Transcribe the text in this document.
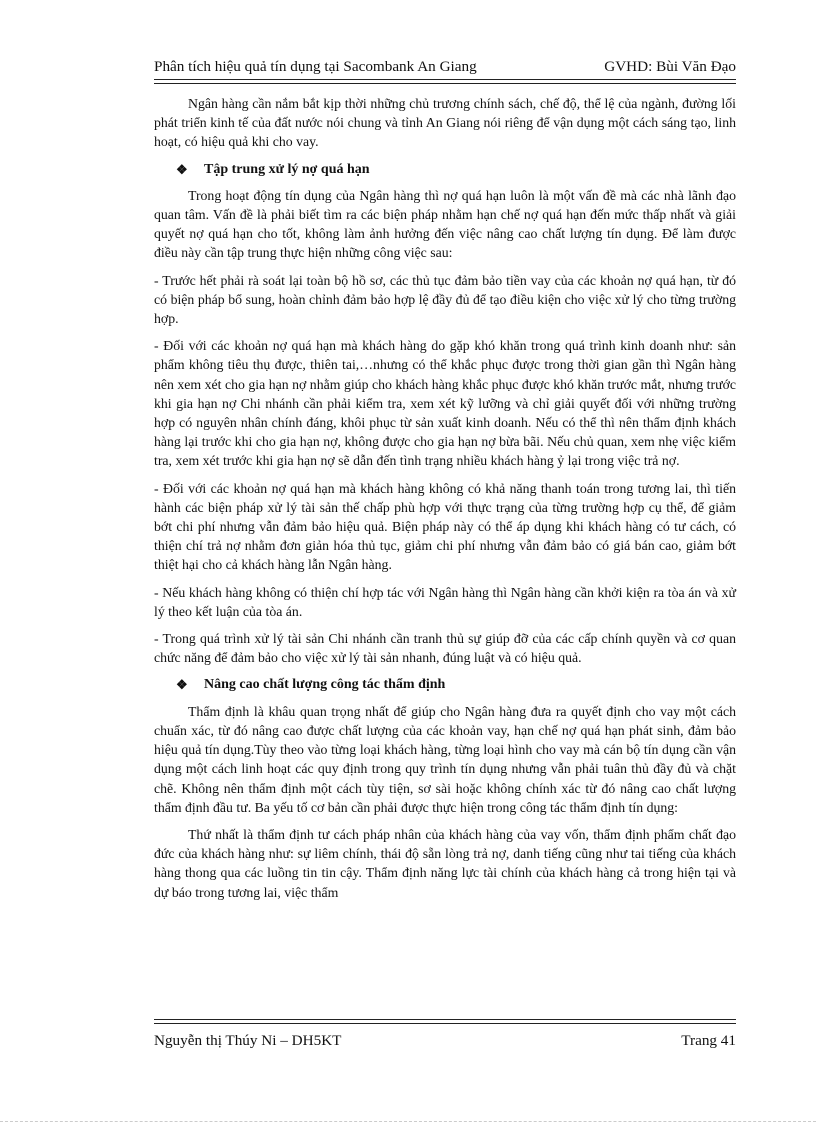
Phân tích hiệu quả tín dụng tại Sacombank An Giang	GVHD: Bùi Văn Đạo

Ngân hàng cần nắm bắt kịp thời những chủ trương chính sách, chế độ, thể lệ của ngành, đường lối phát triển kinh tế của đất nước nói chung và tỉnh An Giang nói riêng để vận dụng một cách sáng tạo, linh hoạt, có hiệu quả khi cho vay.

❖	Tập trung xử lý nợ quá hạn

Trong hoạt động tín dụng của Ngân hàng thì nợ quá hạn luôn là một vấn đề mà các nhà lãnh đạo quan tâm. Vấn đề là phải biết tìm ra các biện pháp nhằm hạn chế nợ quá hạn đến mức thấp nhất và giải quyết nợ quá hạn cho tốt, không làm ảnh hưởng đến việc nâng cao chất lượng tín dụng. Để làm được điều này cần tập trung thực hiện những công việc sau:

- Trước hết phải rà soát lại toàn bộ hồ sơ, các thủ tục đảm bảo tiền vay của các khoản nợ quá hạn, từ đó có biện pháp bổ sung, hoàn chỉnh đảm bảo hợp lệ đầy đủ để tạo điều kiện cho việc xử lý cho từng trường hợp.

- Đối với các khoản nợ quá hạn mà khách hàng do gặp khó khăn trong quá trình kinh doanh như: sản phẩm không tiêu thụ được, thiên tai,…nhưng có thể khắc phục được trong thời gian gần thì Ngân hàng nên xem xét cho gia hạn nợ nhằm giúp cho khách hàng khắc phục được khó khăn trước mắt, nhưng trước khi gia hạn nợ Chi nhánh cần phải kiểm tra, xem xét kỹ lưỡng và chỉ giải quyết đối với những trường hợp có nguyên nhân chính đáng, khôi phục từ sản xuất kinh doanh. Nếu có thể thì nên thẩm định khách hàng lại trước khi cho gia hạn nợ, không được cho gia hạn nợ bừa bãi. Nếu chủ quan, xem nhẹ việc kiểm tra, xem xét trước khi gia hạn nợ sẽ dẫn đến tình trạng nhiều khách hàng ỷ lại trong việc trả nợ.

- Đối với các khoản nợ quá hạn mà khách hàng không có khả năng thanh toán trong tương lai, thì tiến hành các biện pháp xử lý tài sản thế chấp phù hợp với thực trạng của từng trường hợp cụ thể, để giảm bớt chi phí nhưng vẫn đảm bảo hiệu quả. Biện pháp này có thể áp dụng khi khách hàng có tư cách, có thiện chí trả nợ nhằm đơn giản hóa thủ tục, giảm chi phí nhưng vẫn đảm bảo có giá bán cao, giảm bớt thiệt hại cho cả khách hàng lẫn Ngân hàng.

- Nếu khách hàng không có thiện chí hợp tác với Ngân hàng thì Ngân hàng cần khởi kiện ra tòa án và xử lý theo kết luận của tòa án.

- Trong quá trình xử lý tài sản Chi nhánh cần tranh thủ sự giúp đỡ của các cấp chính quyền và cơ quan chức năng để đảm bảo cho việc xử lý tài sản nhanh, đúng luật và có hiệu quả.

❖	Nâng cao chất lượng công tác thẩm định

Thẩm định là khâu quan trọng nhất để giúp cho Ngân hàng đưa ra quyết định cho vay một cách chuẩn xác, từ đó nâng cao được chất lượng của các khoản vay, hạn chế nợ quá hạn phát sinh, đảm bảo hiệu quả tín dụng.Tùy theo vào từng loại khách hàng, từng loại hình cho vay mà cán bộ tín dụng cần vận dụng một cách linh hoạt các quy định trong quy trình tín dụng nhưng vẫn phải tuân thủ đầy đủ và chặt chẽ. Không nên thẩm định một cách tùy tiện, sơ sài hoặc không chính xác từ đó nâng cao chất lượng thẩm định đầu tư. Ba yếu tố cơ bản cần phải được thực hiện trong công tác thẩm định tín dụng:

Thứ nhất là thẩm định tư cách pháp nhân của khách hàng của vay vốn, thẩm định phẩm chất đạo đức của khách hàng như: sự liêm chính, thái độ sẵn lòng trả nợ, danh tiếng cũng như tai tiếng của khách hàng thong qua các luồng tin tin cậy. Thẩm định năng lực tài chính của khách hàng cả trong hiện tại và dự báo trong tương lai, việc thẩm

Nguyễn thị Thúy Ni – DH5KT	Trang 41
